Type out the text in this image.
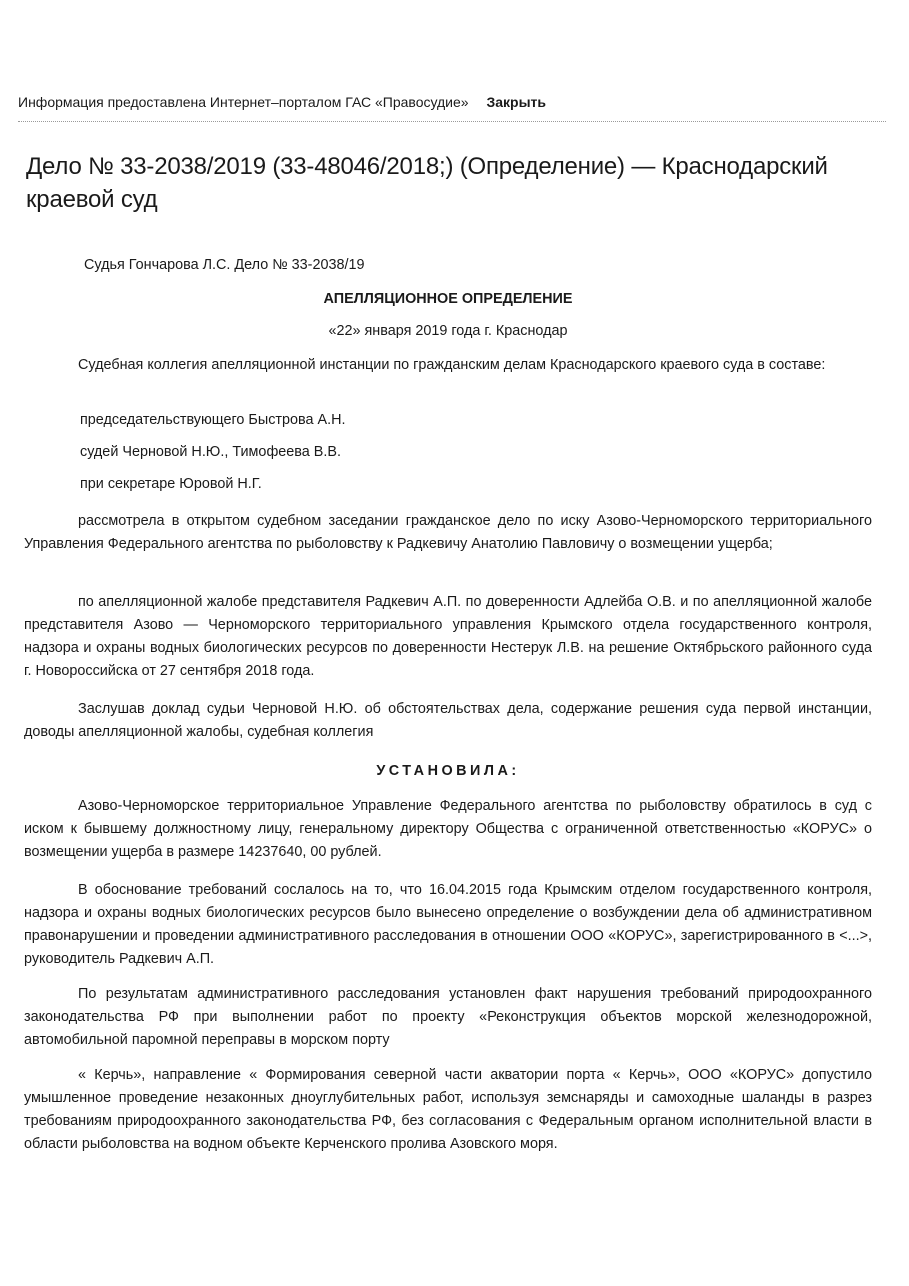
Информация предоставлена Интернет–порталом ГАС «Правосудие» Закрыть
Дело № 33-2038/2019 (33-48046/2018;) (Определение) — Краснодарский краевой суд

Судья Гончарова Л.С. Дело № 33-2038/19

АПЕЛЛЯЦИОННОЕ ОПРЕДЕЛЕНИЕ

«22» января 2019 года г. Краснодар

Судебная коллегия апелляционной инстанции по гражданским делам Краснодарского краевого суда в составе:

председательствующего Быстрова А.Н.

судей Черновой Н.Ю., Тимофеева В.В.

при секретаре Юровой Н.Г.

рассмотрела в открытом судебном заседании гражданское дело по иску Азово-Черноморского территориального Управления Федерального агентства по рыболовству к Радкевичу Анатолию Павловичу о возмещении ущерба;

по апелляционной жалобе представителя Радкевич А.П. по доверенности Адлейба О.В. и по апелляционной жалобе представителя Азово — Черноморского территориального управления Крымского отдела государственного контроля, надзора и охраны водных биологических ресурсов по доверенности Нестерук Л.В. на решение Октябрьского районного суда г. Новороссийска от 27 сентября 2018 года.

Заслушав доклад судьи Черновой Н.Ю. об обстоятельствах дела, содержание решения суда первой инстанции, доводы апелляционной жалобы, судебная коллегия

УСТАНОВИЛА:

Азово-Черноморское территориальное Управление Федерального агентства по рыболовству обратилось в суд с иском к бывшему должностному лицу, генеральному директору Общества с ограниченной ответственностью «КОРУС» о возмещении ущерба в размере 14237640, 00 рублей.

В обоснование требований сослалось на то, что 16.04.2015 года Крымским отделом государственного контроля, надзора и охраны водных биологических ресурсов было вынесено определение о возбуждении дела об административном правонарушении и проведении административного расследования в отношении ООО «КОРУС», зарегистрированного в <...>, руководитель Радкевич А.П.

По результатам административного расследования установлен факт нарушения требований природоохранного законодательства РФ при выполнении работ по проекту «Реконструкция объектов морской железнодорожной, автомобильной паромной переправы в морском порту

« Керчь», направление « Формирования северной части акватории порта « Керчь», ООО «КОРУС» допустило умышленное проведение незаконных дноуглубительных работ, используя земснаряды и самоходные шаланды в разрез требованиям природоохранного законодательства РФ, без согласования с Федеральным органом исполнительной власти в области рыболовства на водном объекте Керченского пролива Азовского моря.
